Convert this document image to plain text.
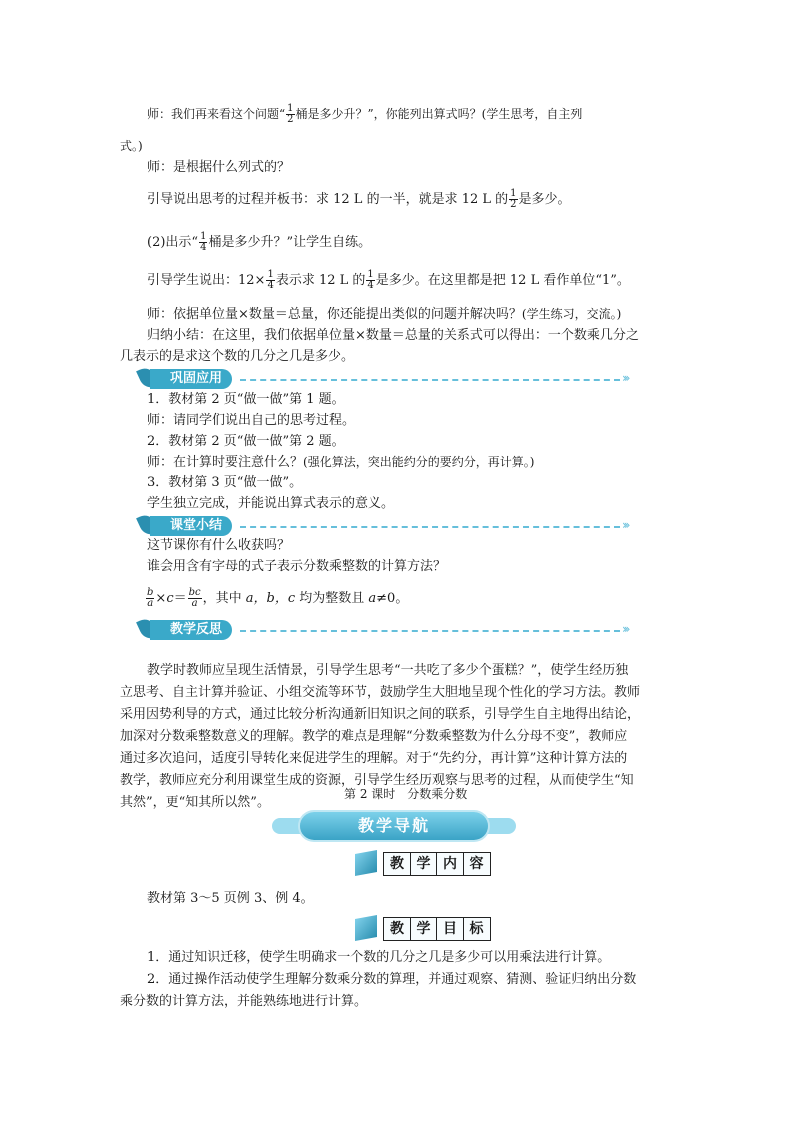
师：我们再来看这个问题“ $\frac{1}{2}$ 桶是多少升？”，你能列出算式吗？(学生思考，自主列
式。)
师：是根据什么列式的？
引导说出思考的过程并板书：求 12 L 的一半，就是求 12 L 的 $\frac{1}{2}$ 是多少。
(2)出示“ $\frac{1}{4}$ 桶是多少升？”让学生自练。
引导学生说出：$12\times \frac{1}{4}$ 表示求 12 L 的 $\frac{1}{4}$ 是多少。在这里都是把 12 L 看作单位“1”。
师：依据单位量×数量＝总量，你还能提出类似的问题并解决吗？(学生练习，交流。)
归纳小结：在这里，我们依据单位量×数量＝总量的关系式可以得出：一个数乘几分之
几表示的是求这个数的几分之几是多少。
巩固应用	›››
1．教材第 2 页“做一做”第 1 题。
师：请同学们说出自己的思考过程。
2．教材第 2 页“做一做”第 2 题。
师：在计算时要注意什么？(强化算法，突出能约分的要约分，再计算。)
3．教材第 3 页“做一做”。
学生独立完成，并能说出算式表示的意义。
课堂小结	›››
这节课你有什么收获吗？
谁会用含有字母的式子表示分数乘整数的计算方法？
$\frac{b}{a} \times c= \frac{bc}{a}$ ，其中 a，b，c 均为整数且 a≠0。
教学反思	›››
教学时教师应呈现生活情景，引导学生思考“一共吃了多少个蛋糕？”，使学生经历独
立思考、自主计算并验证、小组交流等环节，鼓励学生大胆地呈现个性化的学习方法。教师
采用因势利导的方式，通过比较分析沟通新旧知识之间的联系，引导学生自主地得出结论，
加深对分数乘整数意义的理解。教学的难点是理解“分数乘整数为什么分母不变”，教师应
通过多次追问，适度引导转化来促进学生的理解。对于“先约分，再计算”这种计算方法的
教学，教师应充分利用课堂生成的资源，引导学生经历观察与思考的过程，从而使学生“知
其然”，更“知其所以然”。
第 2 课时　分数乘分数
教学导航
教 学 内 容
教材第 3～5 页例 3、例 4。
教 学 目 标
1．通过知识迁移，使学生明确求一个数的几分之几是多少可以用乘法进行计算。
2．通过操作活动使学生理解分数乘分数的算理，并通过观察、猜测、验证归纳出分数
乘分数的计算方法，并能熟练地进行计算。
